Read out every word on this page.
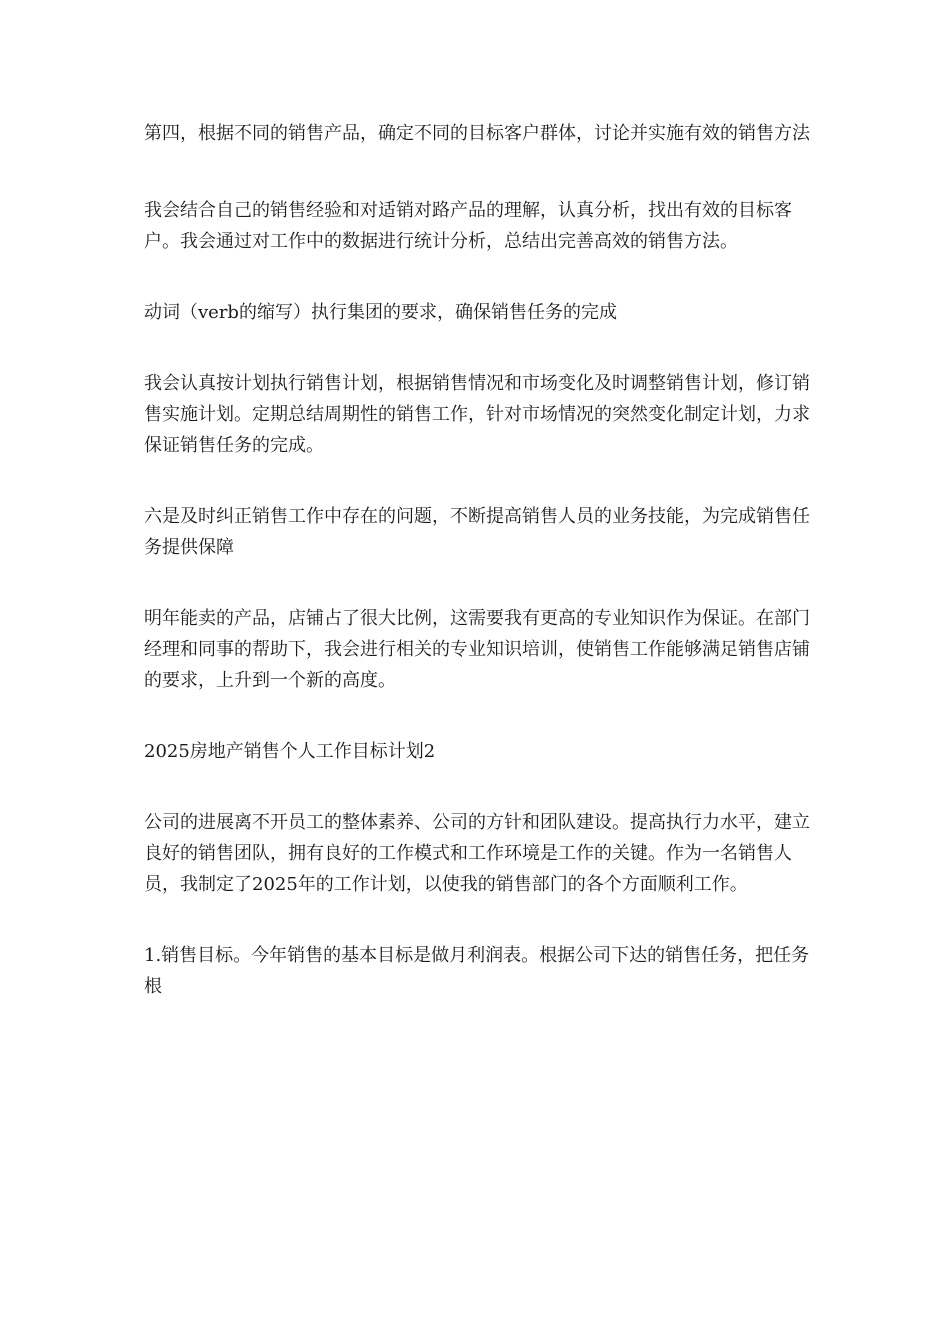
第四，根据不同的销售产品，确定不同的目标客户群体，讨论并实施有效的销售方法

我会结合自己的销售经验和对适销对路产品的理解，认真分析，找出有效的目标客户。我会通过对工作中的数据进行统计分析，总结出完善高效的销售方法。

动词（verb的缩写）执行集团的要求，确保销售任务的完成

我会认真按计划执行销售计划，根据销售情况和市场变化及时调整销售计划，修订销售实施计划。定期总结周期性的销售工作，针对市场情况的突然变化制定计划，力求保证销售任务的完成。

六是及时纠正销售工作中存在的问题，不断提高销售人员的业务技能，为完成销售任务提供保障

明年能卖的产品，店铺占了很大比例，这需要我有更高的专业知识作为保证。在部门经理和同事的帮助下，我会进行相关的专业知识培训，使销售工作能够满足销售店铺的要求，上升到一个新的高度。

2025房地产销售个人工作目标计划2

公司的进展离不开员工的整体素养、公司的方针和团队建设。提高执行力水平，建立良好的销售团队，拥有良好的工作模式和工作环境是工作的关键。作为一名销售人员，我制定了2025年的工作计划，以使我的销售部门的各个方面顺利工作。

1.销售目标。今年销售的基本目标是做月利润表。根据公司下达的销售任务，把任务根
